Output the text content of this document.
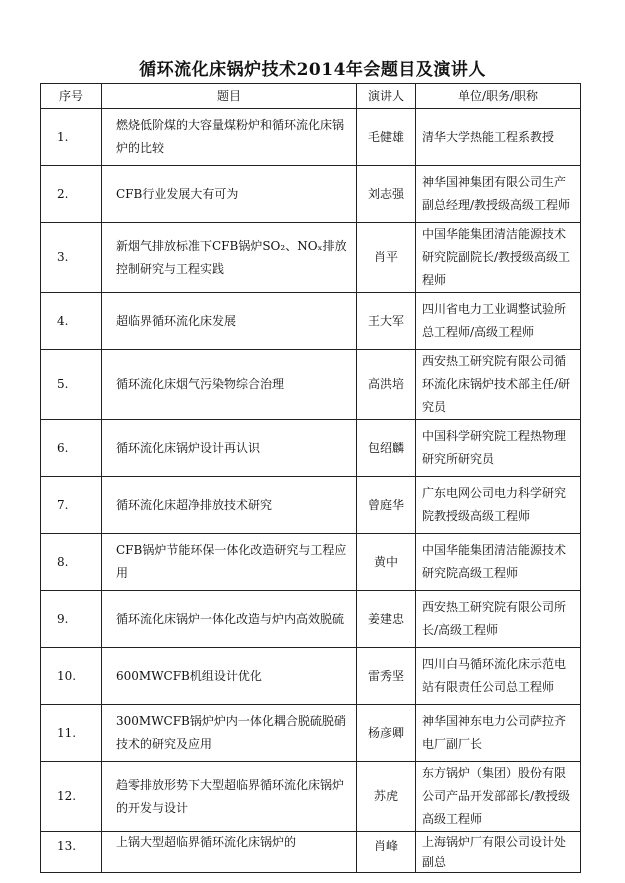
循环流化床锅炉技术2014年会题目及演讲人
序号	题目	演讲人	单位/职务/职称
1.	燃烧低阶煤的大容量煤粉炉和循环流化床锅炉的比较	毛健雄	清华大学热能工程系教授
2.	CFB行业发展大有可为	刘志强	神华国神集团有限公司生产副总经理/教授级高级工程师
3.	新烟气排放标准下CFB锅炉SO₂、NOₓ排放控制研究与工程实践	肖平	中国华能集团清洁能源技术研究院副院长/教授级高级工程师
4.	超临界循环流化床发展	王大军	四川省电力工业调整试验所总工程师/高级工程师
5.	循环流化床烟气污染物综合治理	高洪培	西安热工研究院有限公司循环流化床锅炉技术部主任/研究员
6.	循环流化床锅炉设计再认识	包绍麟	中国科学研究院工程热物理研究所研究员
7.	循环流化床超净排放技术研究	曾庭华	广东电网公司电力科学研究院教授级高级工程师
8.	CFB锅炉节能环保一体化改造研究与工程应用	黄中	中国华能集团清洁能源技术研究院高级工程师
9.	循环流化床锅炉一体化改造与炉内高效脱硫	姜建忠	西安热工研究院有限公司所长/高级工程师
10.	600MWCFB机组设计优化	雷秀坚	四川白马循环流化床示范电站有限责任公司总工程师
11.	300MWCFB锅炉炉内一体化耦合脱硫脱硝技术的研究及应用	杨彦卿	神华国神东电力公司萨拉齐电厂副厂长
12.	趋零排放形势下大型超临界循环流化床锅炉的开发与设计	苏虎	东方锅炉（集团）股份有限公司产品开发部部长/教授级高级工程师
13.	上锅大型超临界循环流化床锅炉的	肖峰	上海锅炉厂有限公司设计处副总
